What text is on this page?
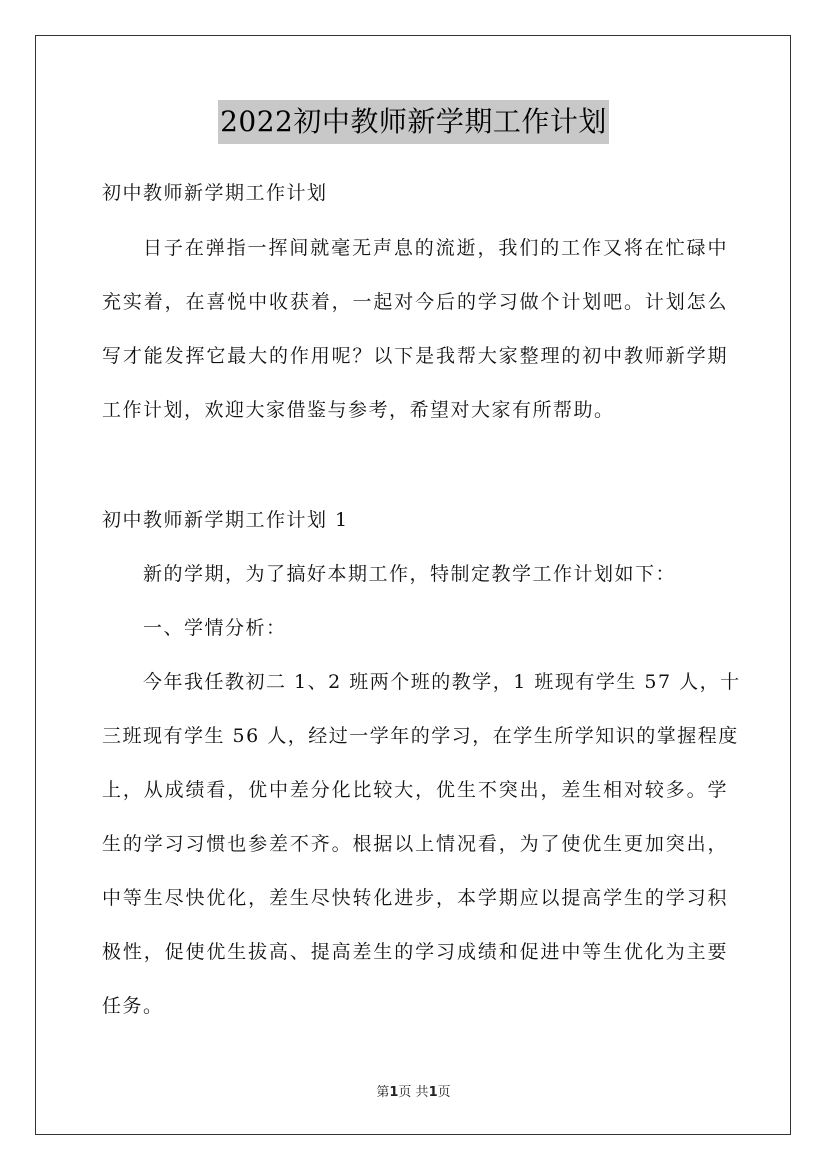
2022初中教师新学期工作计划
初中教师新学期工作计划
日子在弹指一挥间就毫无声息的流逝，我们的工作又将在忙碌中
充实着，在喜悦中收获着，一起对今后的学习做个计划吧。计划怎么
写才能发挥它最大的作用呢？以下是我帮大家整理的初中教师新学期
工作计划，欢迎大家借鉴与参考，希望对大家有所帮助。
初中教师新学期工作计划 1
新的学期，为了搞好本期工作，特制定教学工作计划如下：
一、学情分析：
今年我任教初二 1、2 班两个班的教学，1 班现有学生 57 人，十
三班现有学生 56 人，经过一学年的学习，在学生所学知识的掌握程度
上，从成绩看，优中差分化比较大，优生不突出，差生相对较多。学
生的学习习惯也参差不齐。根据以上情况看，为了使优生更加突出，
中等生尽快优化，差生尽快转化进步，本学期应以提高学生的学习积
极性，促使优生拔高、提高差生的学习成绩和促进中等生优化为主要
任务。
第1页 共1页
